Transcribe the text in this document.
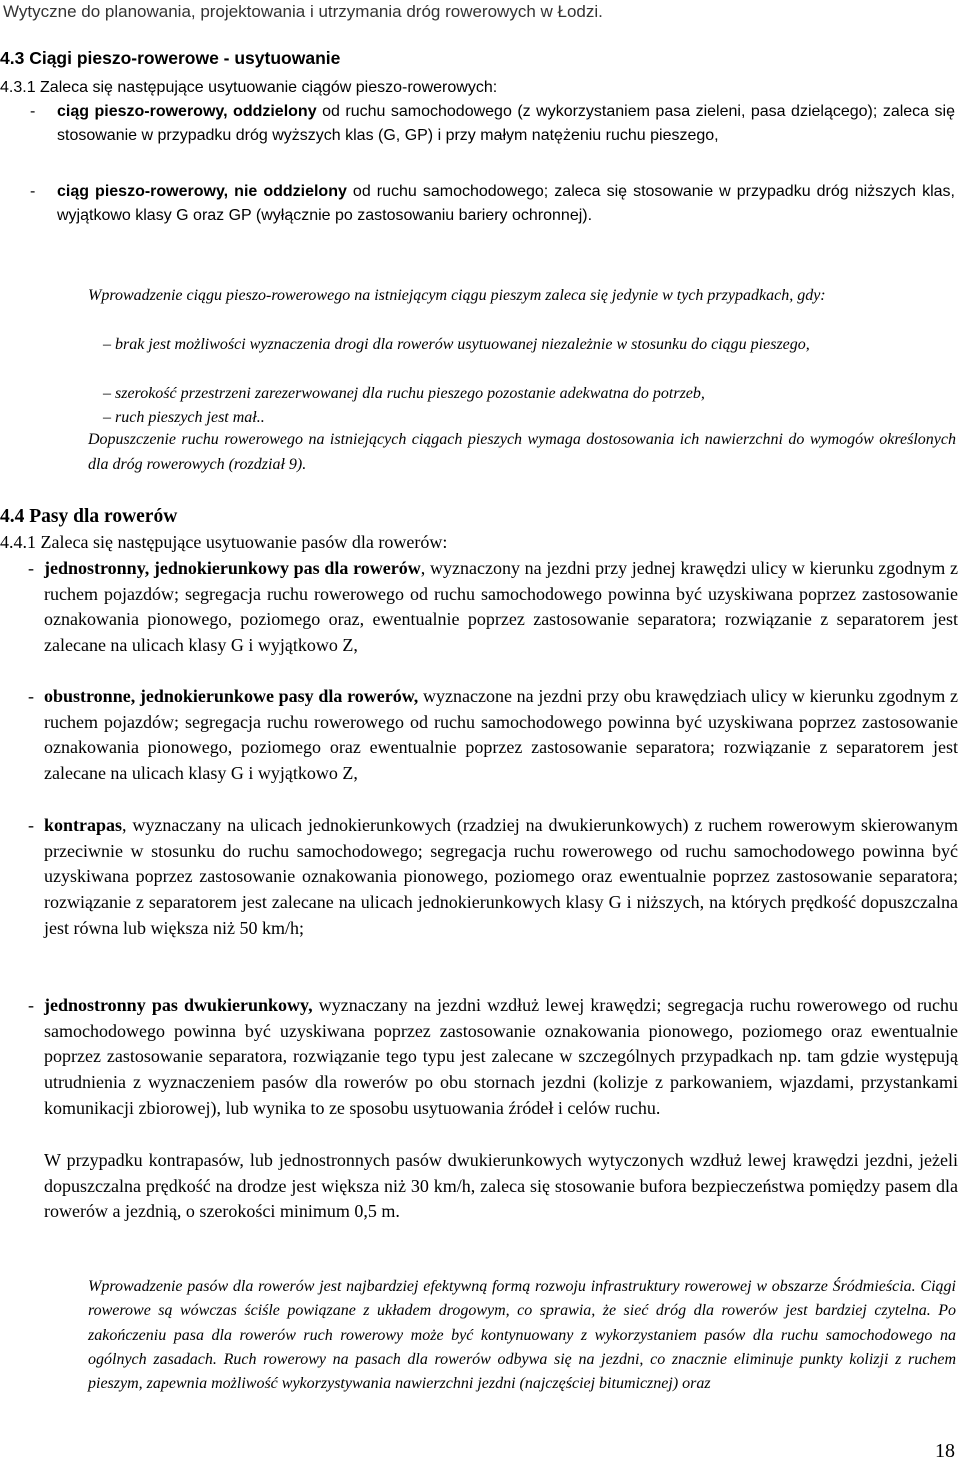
Wytyczne do planowania, projektowania i utrzymania dróg rowerowych w Łodzi.
4.3 Ciągi pieszo-rowerowe - usytuowanie
4.3.1 Zaleca się następujące usytuowanie ciągów pieszo-rowerowych:
- ciąg pieszo-rowerowy, oddzielony od ruchu samochodowego (z wykorzystaniem pasa zieleni, pasa dzielącego); zaleca się stosowanie w przypadku dróg wyższych klas (G, GP) i przy małym natężeniu ruchu pieszego,
- ciąg pieszo-rowerowy, nie oddzielony od ruchu samochodowego; zaleca się stosowanie w przypadku dróg niższych klas, wyjątkowo klasy G oraz GP (wyłącznie po zastosowaniu bariery ochronnej).
Wprowadzenie ciągu pieszo-rowerowego na istniejącym ciągu pieszym zaleca się jedynie w tych przypadkach, gdy:
– brak jest możliwości wyznaczenia drogi dla rowerów usytuowanej niezależnie w stosunku do ciągu pieszego,
– szerokość przestrzeni zarezerwowanej dla ruchu pieszego pozostanie adekwatna do potrzeb,
– ruch pieszych jest mał..
Dopuszczenie ruchu rowerowego na istniejących ciągach pieszych wymaga dostosowania ich nawierzchni do wymogów określonych dla dróg rowerowych (rozdział 9).
4.4 Pasy dla rowerów
4.4.1 Zaleca się następujące usytuowanie pasów dla rowerów:
- jednostronny, jednokierunkowy pas dla rowerów, wyznaczony na jezdni przy jednej krawędzi ulicy w kierunku zgodnym z ruchem pojazdów; segregacja ruchu rowerowego od ruchu samochodowego powinna być uzyskiwana poprzez zastosowanie oznakowania pionowego, poziomego oraz, ewentualnie poprzez zastosowanie separatora; rozwiązanie z separatorem jest zalecane na ulicach klasy G i wyjątkowo Z,
- obustronne, jednokierunkowe pasy dla rowerów, wyznaczone na jezdni przy obu krawędziach ulicy w kierunku zgodnym z ruchem pojazdów; segregacja ruchu rowerowego od ruchu samochodowego powinna być uzyskiwana poprzez zastosowanie oznakowania pionowego, poziomego oraz ewentualnie poprzez zastosowanie separatora; rozwiązanie z separatorem jest zalecane na ulicach klasy G i wyjątkowo Z,
- kontrapas, wyznaczany na ulicach jednokierunkowych (rzadziej na dwukierunkowych) z ruchem rowerowym skierowanym przeciwnie w stosunku do ruchu samochodowego; segregacja ruchu rowerowego od ruchu samochodowego powinna być uzyskiwana poprzez zastosowanie oznakowania pionowego, poziomego oraz ewentualnie poprzez zastosowanie separatora; rozwiązanie z separatorem jest zalecane na ulicach jednokierunkowych klasy G i niższych, na których prędkość dopuszczalna jest równa lub większa niż 50 km/h;
- jednostronny pas dwukierunkowy, wyznaczany na jezdni wzdłuż lewej krawędzi; segregacja ruchu rowerowego od ruchu samochodowego powinna być uzyskiwana poprzez zastosowanie oznakowania pionowego, poziomego oraz ewentualnie poprzez zastosowanie separatora, rozwiązanie tego typu jest zalecane w szczególnych przypadkach np. tam gdzie występują utrudnienia z wyznaczeniem pasów dla rowerów po obu stornach jezdni (kolizje z parkowaniem, wjazdami, przystankami komunikacji zbiorowej), lub wynika to ze sposobu usytuowania źródeł i celów ruchu.
W przypadku kontrapasów, lub jednostronnych pasów dwukierunkowych wytyczonych wzdłuż lewej krawędzi jezdni, jeżeli dopuszczalna prędkość na drodze jest większa niż 30 km/h, zaleca się stosowanie bufora bezpieczeństwa pomiędzy pasem dla rowerów a jezdnią, o szerokości minimum 0,5 m.
Wprowadzenie pasów dla rowerów jest najbardziej efektywną formą rozwoju infrastruktury rowerowej w obszarze Śródmieścia. Ciągi rowerowe są wówczas ściśle powiązane z układem drogowym, co sprawia, że sieć dróg dla rowerów jest bardziej czytelna. Po zakończeniu pasa dla rowerów ruch rowerowy może być kontynuowany z wykorzystaniem pasów dla ruchu samochodowego na ogólnych zasadach. Ruch rowerowy na pasach dla rowerów odbywa się na jezdni, co znacznie eliminuje punkty kolizji z ruchem pieszym, zapewnia możliwość wykorzystywania nawierzchni jezdni (najczęściej bitumicznej) oraz
18
